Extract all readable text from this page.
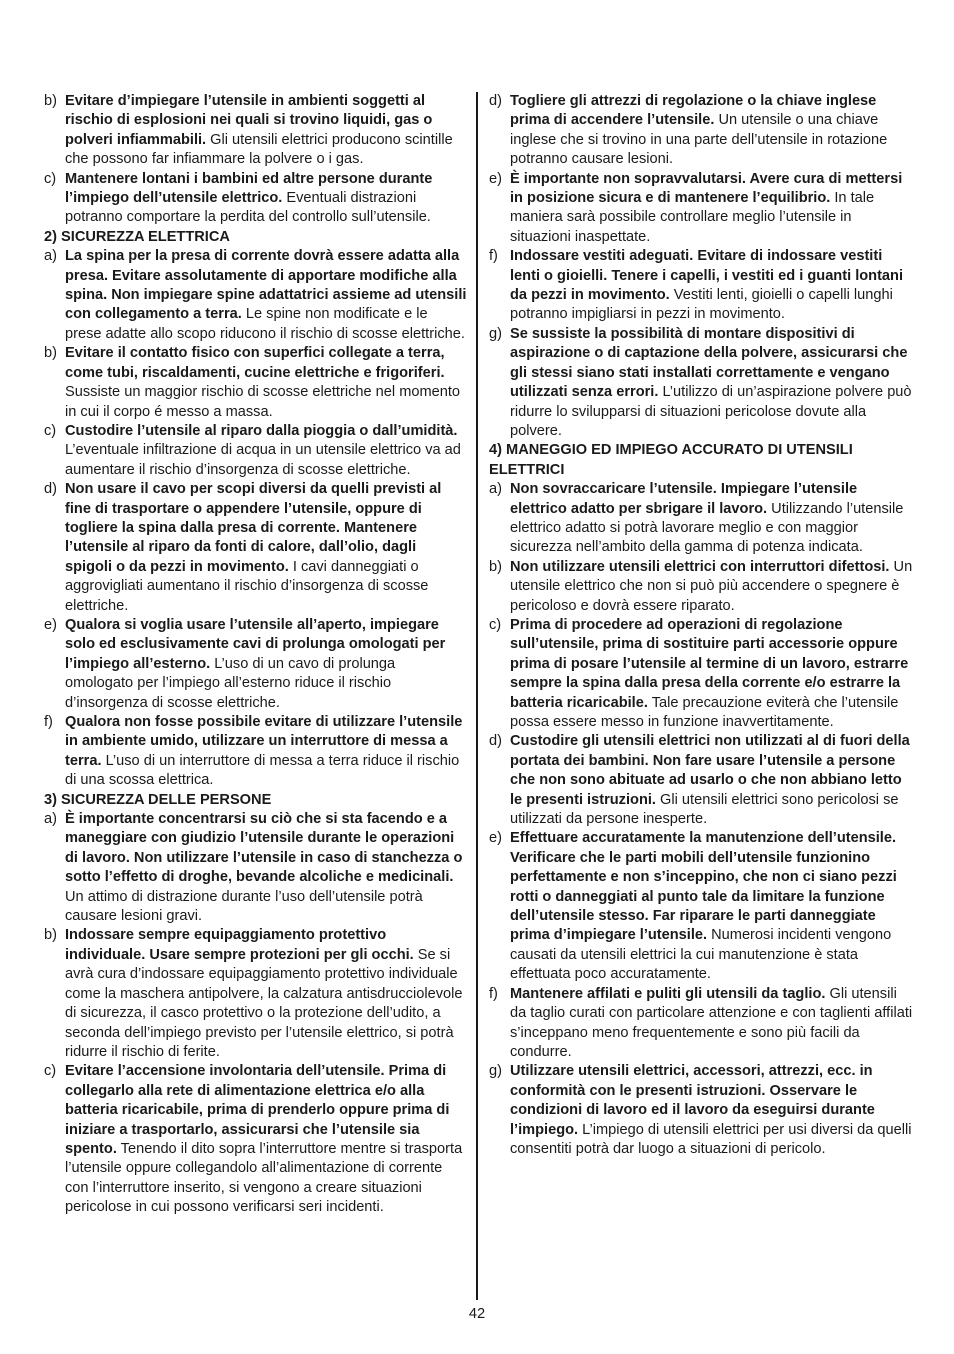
b) Evitare d’impiegare l’utensile in ambienti soggetti al rischio di esplosioni nei quali si trovino liquidi, gas o polveri infiammabili. Gli utensili elettrici producono scintille che possono far infiammare la polvere o i gas.
c) Mantenere lontani i bambini ed altre persone durante l’impiego dell’utensile elettrico. Eventuali distrazioni potranno comportare la perdita del controllo sull’utensile.
2) SICUREZZA ELETTRICA
a) La spina per la presa di corrente dovrà essere adatta alla presa. Evitare assolutamente di apportare modifiche alla spina. Non impiegare spine adattatrici assieme ad utensili con collegamento a terra. Le spine non modificate e le prese adatte allo scopo riducono il rischio di scosse elettriche.
b) Evitare il contatto fisico con superfici collegate a terra, come tubi, riscaldamenti, cucine elettriche e frigoriferi. Sussiste un maggior rischio di scosse elettriche nel momento in cui il corpo é messo a massa.
c) Custodire l’utensile al riparo dalla pioggia o dall’umidità. L’eventuale infiltrazione di acqua in un utensile elettrico va ad aumentare il rischio d’insorgenza di scosse elettriche.
d) Non usare il cavo per scopi diversi da quelli previsti al fine di trasportare o appendere l’utensile, oppure di togliere la spina dalla presa di corrente. Mantenere l’utensile al riparo da fonti di calore, dall’olio, dagli spigoli o da pezzi in movimento. I cavi danneggiati o aggrovigliati aumentano il rischio d’insorgenza di scosse elettriche.
e) Qualora si voglia usare l’utensile all’aperto, impiegare solo ed esclusivamente cavi di prolunga omologati per l’impiego all’esterno. L’uso di un cavo di prolunga omologato per l’impiego all’esterno riduce il rischio d’insorgenza di scosse elettriche.
f) Qualora non fosse possibile evitare di utilizzare l’utensile in ambiente umido, utilizzare un interruttore di messa a terra. L’uso di un interruttore di messa a terra riduce il rischio di una scossa elettrica.
3) SICUREZZA DELLE PERSONE
a) È importante concentrarsi su ciò che si sta facendo e a maneggiare con giudizio l’utensile durante le operazioni di lavoro. Non utilizzare l’utensile in caso di stanchezza o sotto l’effetto di droghe, bevande alcoliche e medicinali. Un attimo di distrazione durante l’uso dell’utensile potrà causare lesioni gravi.
b) Indossare sempre equipaggiamento protettivo individuale. Usare sempre protezioni per gli occhi. Se si avrà cura d’indossare equipaggiamento protettivo individuale come la maschera antipolvere, la calzatura antisdrucciolevole di sicurezza, il casco protettivo o la protezione dell’udito, a seconda dell’impiego previsto per l’utensile elettrico, si potrà ridurre il rischio di ferite.
c) Evitare l’accensione involontaria dell’utensile. Prima di collegarlo alla rete di alimentazione elettrica e/o alla batteria ricaricabile, prima di prenderlo oppure prima di iniziare a trasportarlo, assicurarsi che l’utensile sia spento. Tenendo il dito sopra l’interruttore mentre si trasporta l’utensile oppure collegandolo all’alimentazione di corrente con l’interruttore inserito, si vengono a creare situazioni pericolose in cui possono verificarsi seri incidenti.
d) Togliere gli attrezzi di regolazione o la chiave inglese prima di accendere l’utensile. Un utensile o una chiave inglese che si trovino in una parte dell’utensile in rotazione potranno causare lesioni.
e) È importante non sopravvalutarsi. Avere cura di mettersi in posizione sicura e di mantenere l’equilibrio. In tale maniera sarà possibile controllare meglio l’utensile in situazioni inaspettate.
f) Indossare vestiti adeguati. Evitare di indossare vestiti lenti o gioielli. Tenere i capelli, i vestiti ed i guanti lontani da pezzi in movimento. Vestiti lenti, gioielli o capelli lunghi potranno impigliarsi in pezzi in movimento.
g) Se sussiste la possibilità di montare dispositivi di aspirazione o di captazione della polvere, assicurarsi che gli stessi siano stati installati correttamente e vengano utilizzati senza errori. L’utilizzo di un’aspirazione polvere può ridurre lo svilupparsi di situazioni pericolose dovute alla polvere.
4) MANEGGIO ED IMPIEGO ACCURATO DI UTENSILI ELETTRICI
a) Non sovraccaricare l’utensile. Impiegare l’utensile elettrico adatto per sbrigare il lavoro. Utilizzando l’utensile elettrico adatto si potrà lavorare meglio e con maggior sicurezza nell’ambito della gamma di potenza indicata.
b) Non utilizzare utensili elettrici con interruttori difettosi. Un utensile elettrico che non si può più accendere o spegnere è pericoloso e dovrà essere riparato.
c) Prima di procedere ad operazioni di regolazione sull’utensile, prima di sostituire parti accessorie oppure prima di posare l’utensile al termine di un lavoro, estrarre sempre la spina dalla presa della corrente e/o estrarre la batteria ricaricabile. Tale precauzione eviterà che l’utensile possa essere messo in funzione inavvertitamente.
d) Custodire gli utensili elettrici non utilizzati al di fuori della portata dei bambini. Non fare usare l’utensile a persone che non sono abituate ad usarlo o che non abbiano letto le presenti istruzioni. Gli utensili elettrici sono pericolosi se utilizzati da persone inesperte.
e) Effettuare accuratamente la manutenzione dell’utensile. Verificare che le parti mobili dell’utensile funzionino perfettamente e non s’inceppino, che non ci siano pezzi rotti o danneggiati al punto tale da limitare la funzione dell’utensile stesso. Far riparare le parti danneggiate prima d’impiegare l’utensile. Numerosi incidenti vengono causati da utensili elettrici la cui manutenzione è stata effettuata poco accuratamente.
f) Mantenere affilati e puliti gli utensili da taglio. Gli utensili da taglio curati con particolare attenzione e con taglienti affilati s’inceppano meno frequentemente e sono più facili da condurre.
g) Utilizzare utensili elettrici, accessori, attrezzi, ecc. in conformità con le presenti istruzioni. Osservare le condizioni di lavoro ed il lavoro da eseguirsi durante l’impiego. L’impiego di utensili elettrici per usi diversi da quelli consentiti potrà dar luogo a situazioni di pericolo.
42
